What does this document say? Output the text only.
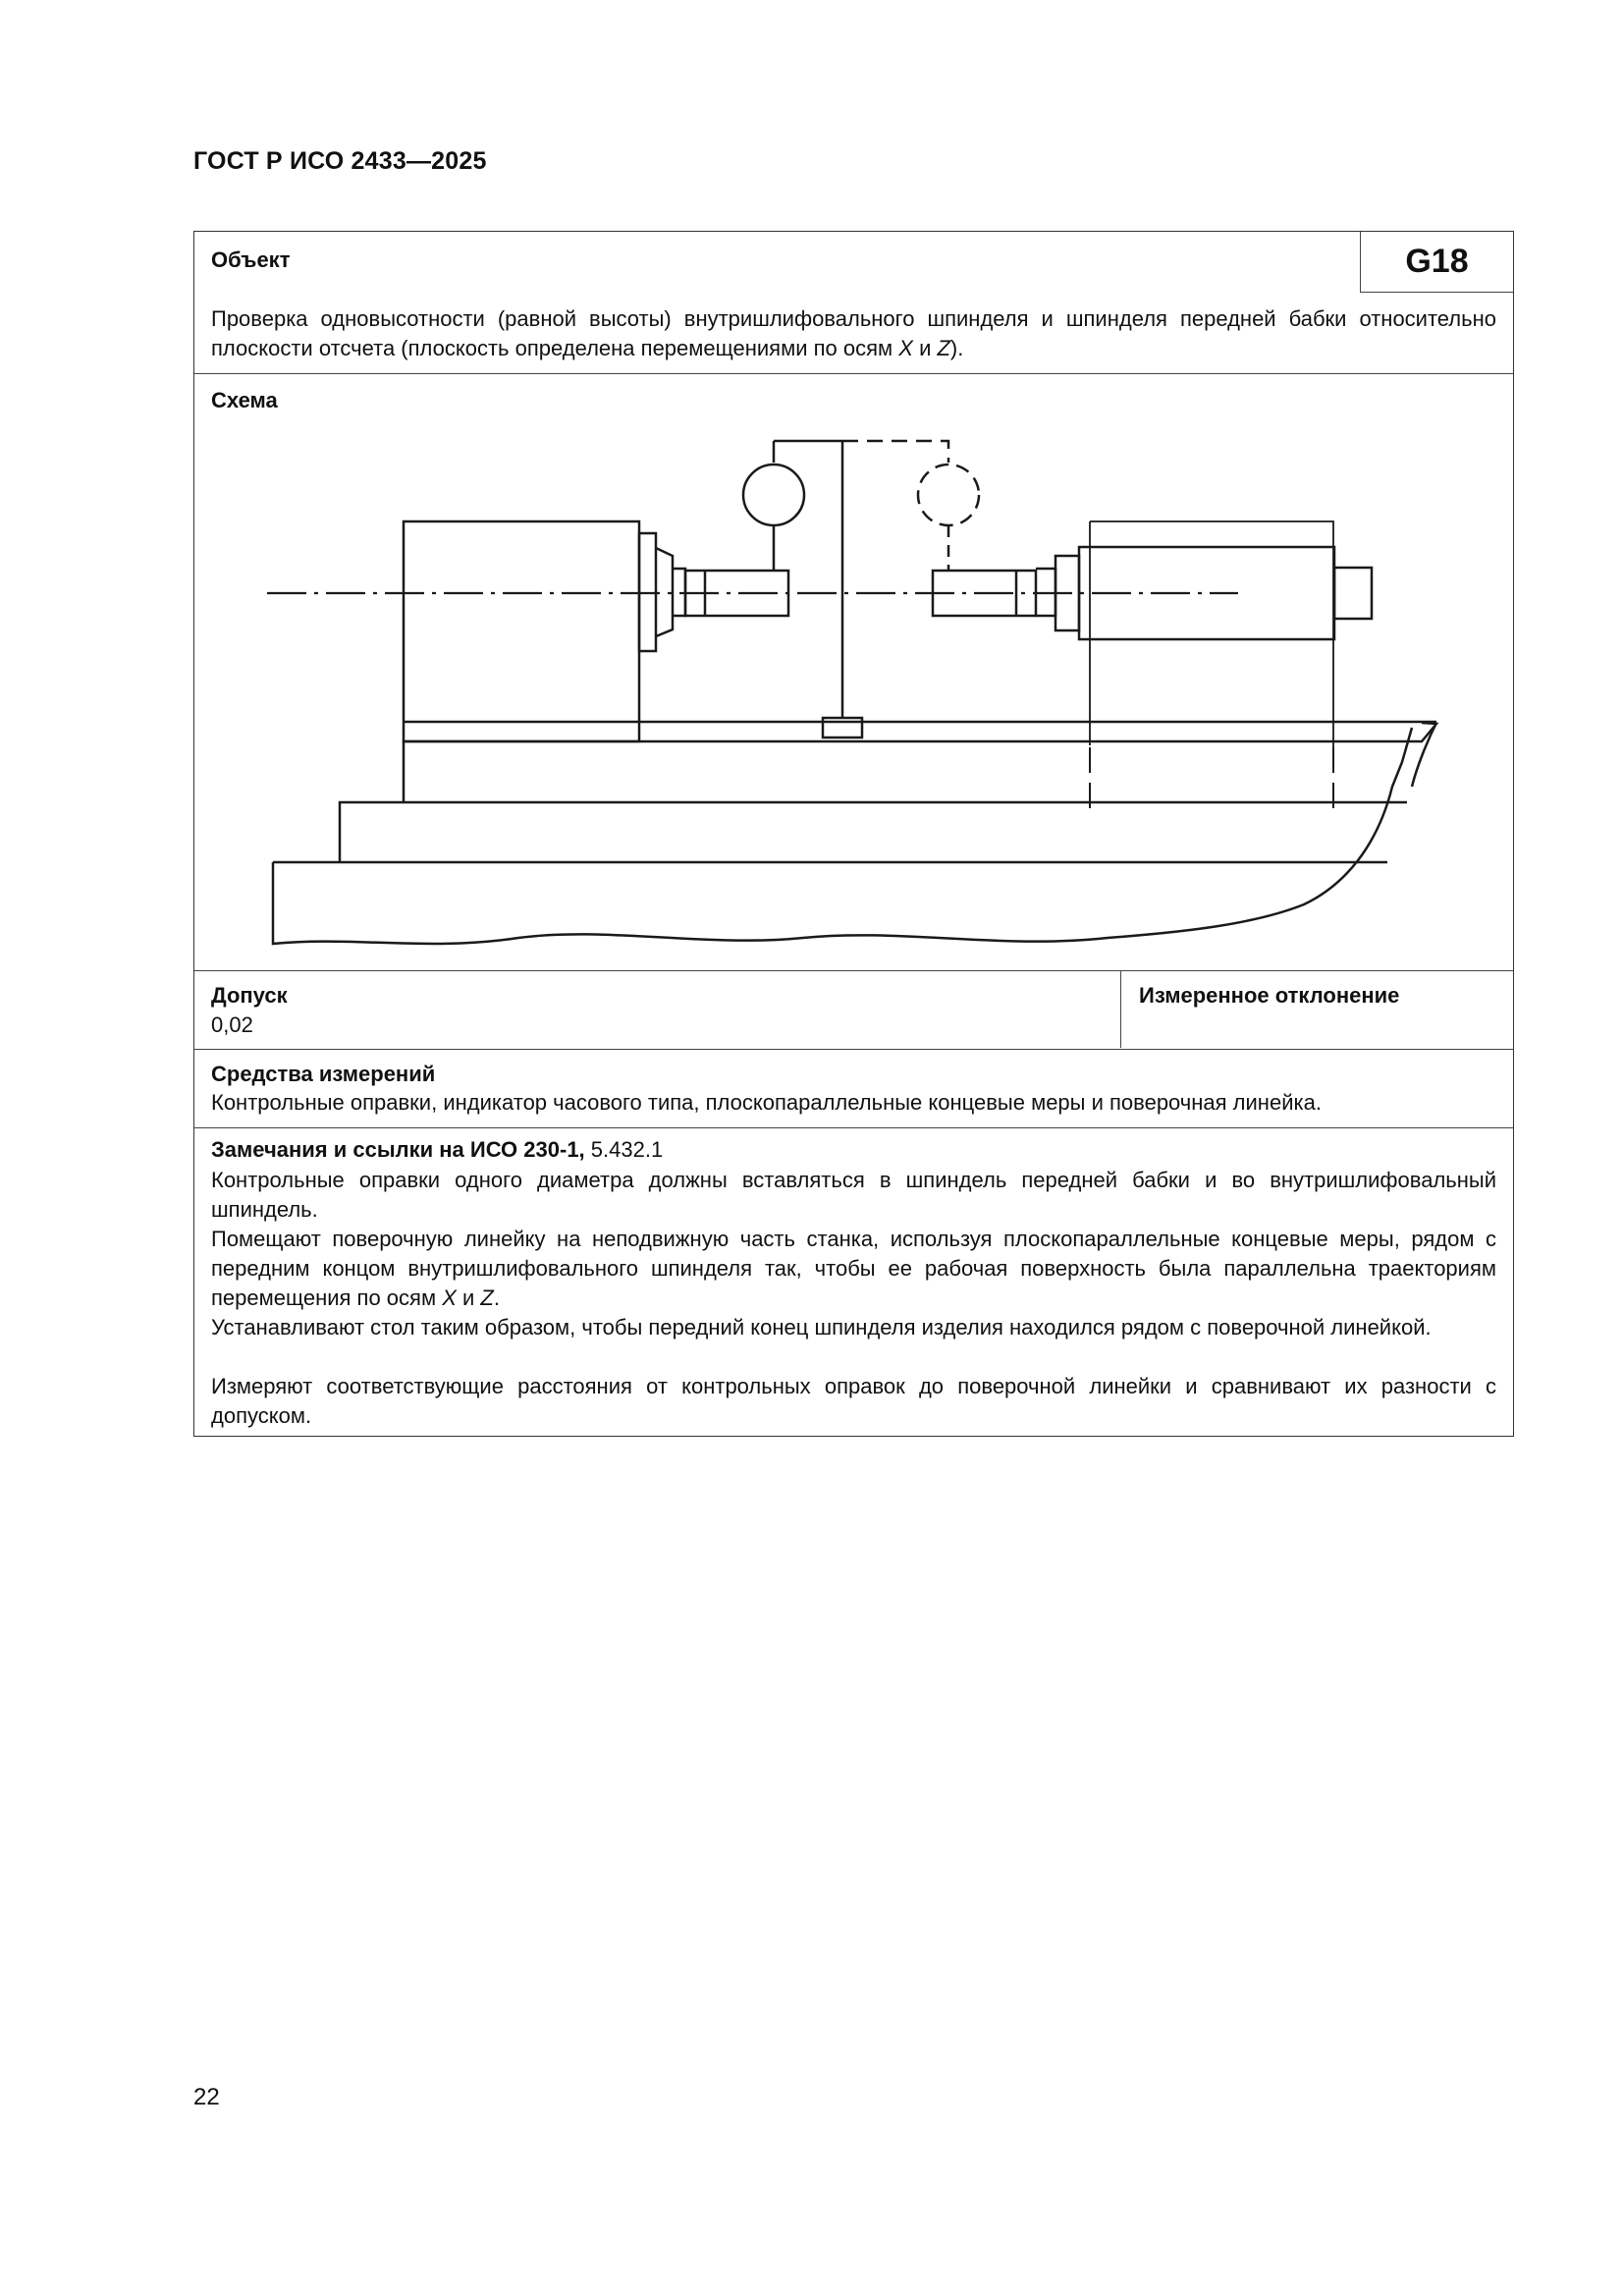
ГОСТ Р ИСО 2433—2025
Объект	G18
Проверка одновысотности (равной высоты) внутришлифовального шпинделя и шпинделя передней бабки относительно плоскости отсчета (плоскость определена перемещениями по осям X и Z).
Схема
Допуск
0,02
Измеренное отклонение
Средства измерений
Контрольные оправки, индикатор часового типа, плоскопараллельные концевые меры и поверочная линейка.
Замечания и ссылки на ИСО 230-1, 5.432.1
Контрольные оправки одного диаметра должны вставляться в шпиндель передней бабки и во внутришлифовальный шпиндель.
Помещают поверочную линейку на неподвижную часть станка, используя плоскопараллельные концевые меры, рядом с передним концом внутришлифовального шпинделя так, чтобы ее рабочая поверхность была параллельна траекториям перемещения по осям X и Z.
Устанавливают стол таким образом, чтобы передний конец шпинделя изделия находился рядом с поверочной линейкой.
Измеряют соответствующие расстояния от контрольных оправок до поверочной линейки и сравнивают их разности с допуском.
22
